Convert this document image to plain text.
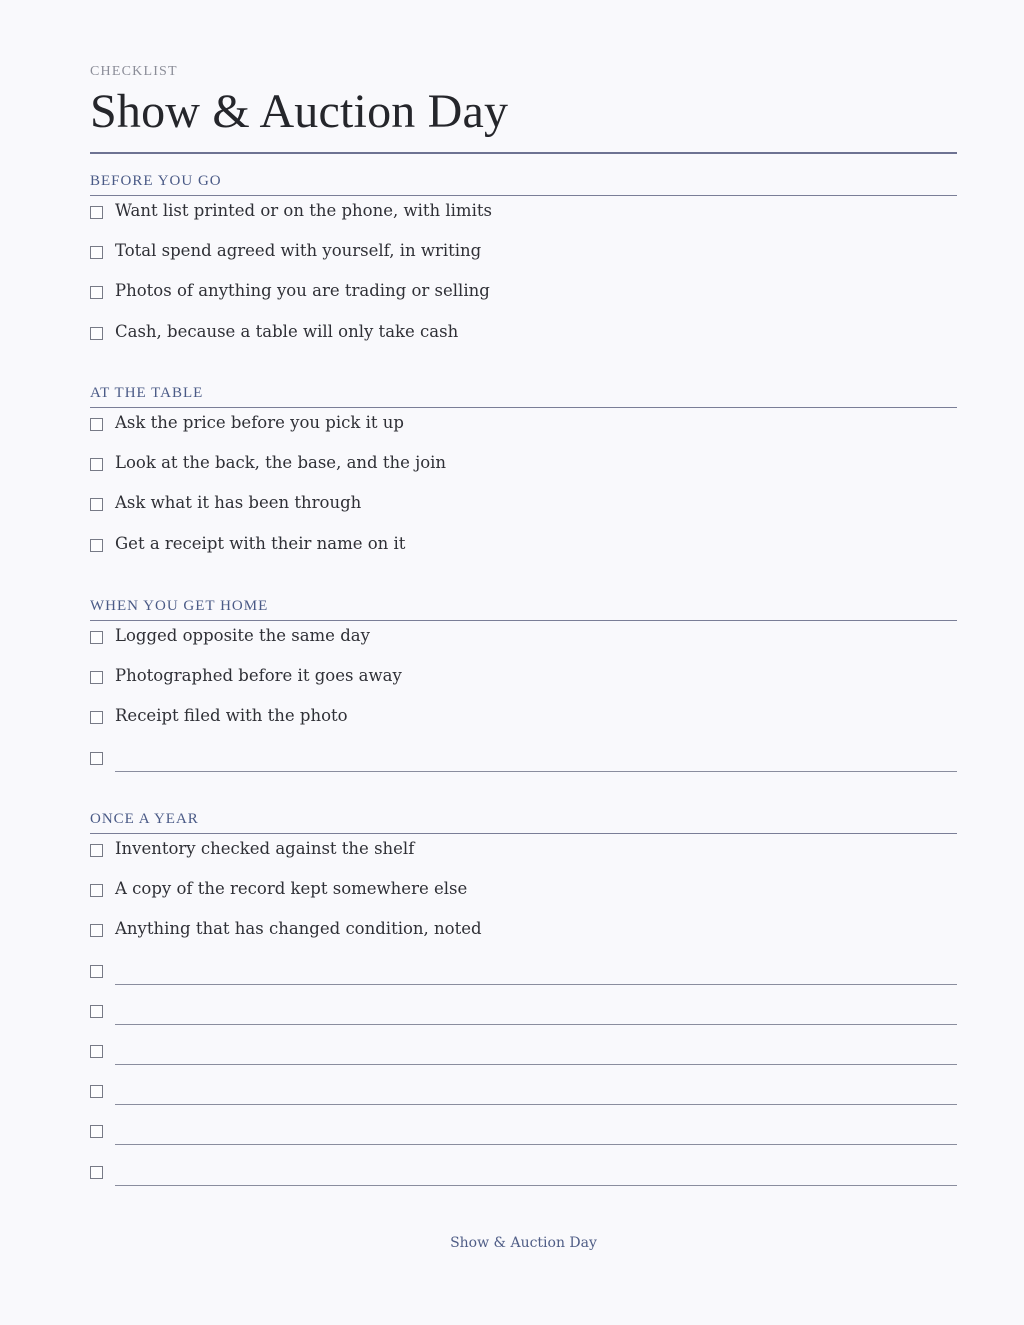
CHECKLIST
Show & Auction Day
BEFORE YOU GO
Want list printed or on the phone, with limits
Total spend agreed with yourself, in writing
Photos of anything you are trading or selling
Cash, because a table will only take cash
AT THE TABLE
Ask the price before you pick it up
Look at the back, the base, and the join
Ask what it has been through
Get a receipt with their name on it
WHEN YOU GET HOME
Logged opposite the same day
Photographed before it goes away
Receipt filed with the photo
ONCE A YEAR
Inventory checked against the shelf
A copy of the record kept somewhere else
Anything that has changed condition, noted
Show & Auction Day
